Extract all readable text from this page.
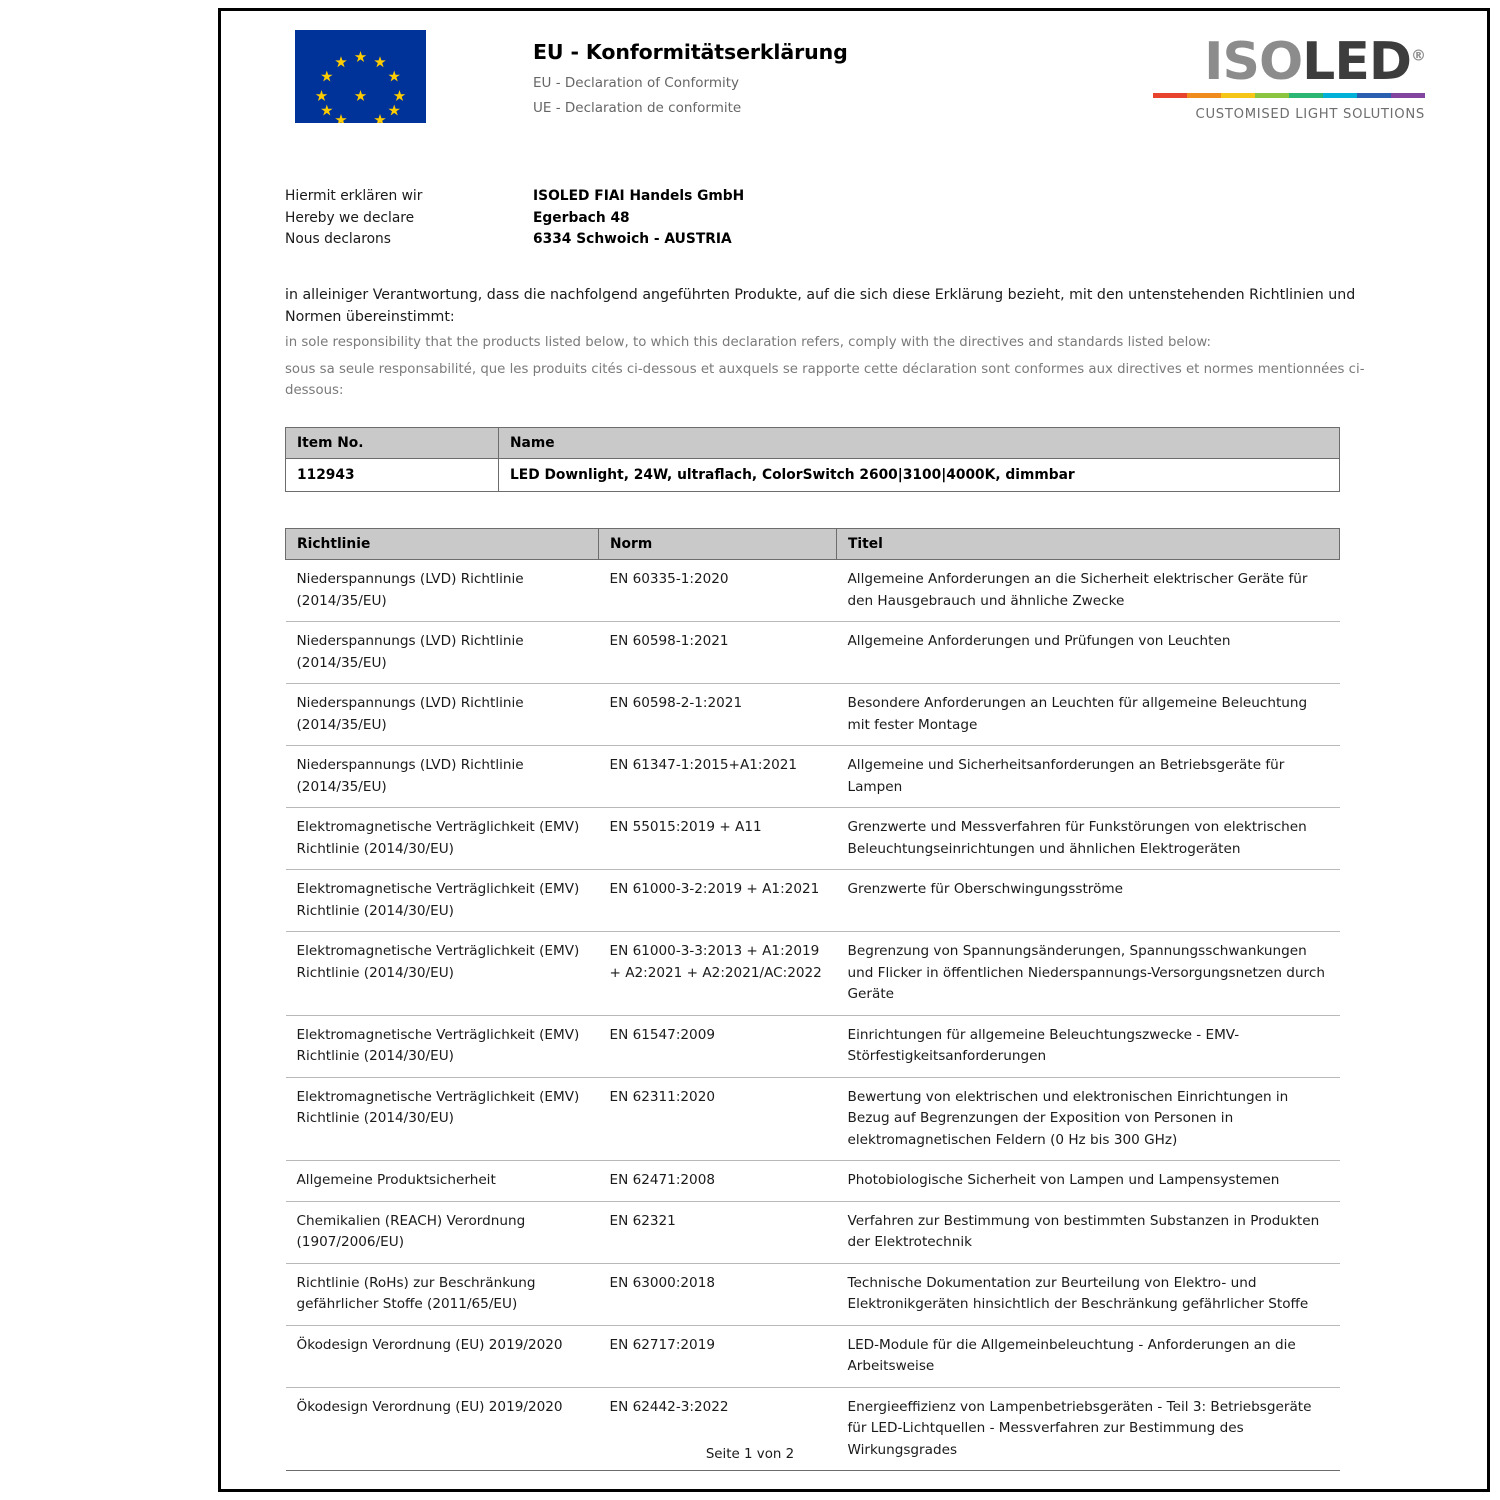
EU - Konformitätserklärung
EU - Declaration of Conformity
UE - Declaration de conformite
ISOLED®
CUSTOMISED LIGHT SOLUTIONS
Hiermit erklären wir
Hereby we declare
Nous declarons
ISOLED FIAI Handels GmbH
Egerbach 48
6334 Schwoich - AUSTRIA
in alleiniger Verantwortung, dass die nachfolgend angeführten Produkte, auf die sich diese Erklärung bezieht, mit den untenstehenden Richtlinien und Normen übereinstimmt:
in sole responsibility that the products listed below, to which this declaration refers, comply with the directives and standards listed below:
sous sa seule responsabilité, que les produits cités ci-dessous et auxquels se rapporte cette déclaration sont conformes aux directives et normes mentionnées ci-dessous:
Item No.	Name
112943	LED Downlight, 24W, ultraflach, ColorSwitch 2600|3100|4000K, dimmbar
Richtlinie	Norm	Titel
Niederspannungs (LVD) Richtlinie (2014/35/EU)	EN 60335-1:2020	Allgemeine Anforderungen an die Sicherheit elektrischer Geräte für den Hausgebrauch und ähnliche Zwecke
Niederspannungs (LVD) Richtlinie (2014/35/EU)	EN 60598-1:2021	Allgemeine Anforderungen und Prüfungen von Leuchten
Niederspannungs (LVD) Richtlinie (2014/35/EU)	EN 60598-2-1:2021	Besondere Anforderungen an Leuchten für allgemeine Beleuchtung mit fester Montage
Niederspannungs (LVD) Richtlinie (2014/35/EU)	EN 61347-1:2015+A1:2021	Allgemeine und Sicherheitsanforderungen an Betriebsgeräte für Lampen
Elektromagnetische Verträglichkeit (EMV) Richtlinie (2014/30/EU)	EN 55015:2019 + A11	Grenzwerte und Messverfahren für Funkstörungen von elektrischen Beleuchtungseinrichtungen und ähnlichen Elektrogeräten
Elektromagnetische Verträglichkeit (EMV) Richtlinie (2014/30/EU)	EN 61000-3-2:2019 + A1:2021	Grenzwerte für Oberschwingungsströme
Elektromagnetische Verträglichkeit (EMV) Richtlinie (2014/30/EU)	EN 61000-3-3:2013 + A1:2019 + A2:2021 + A2:2021/AC:2022	Begrenzung von Spannungsänderungen, Spannungsschwankungen und Flicker in öffentlichen Niederspannungs-Versorgungsnetzen durch Geräte
Elektromagnetische Verträglichkeit (EMV) Richtlinie (2014/30/EU)	EN 61547:2009	Einrichtungen für allgemeine Beleuchtungszwecke - EMV-Störfestigkeitsanforderungen
Elektromagnetische Verträglichkeit (EMV) Richtlinie (2014/30/EU)	EN 62311:2020	Bewertung von elektrischen und elektronischen Einrichtungen in Bezug auf Begrenzungen der Exposition von Personen in elektromagnetischen Feldern (0 Hz bis 300 GHz)
Allgemeine Produktsicherheit	EN 62471:2008	Photobiologische Sicherheit von Lampen und Lampensystemen
Chemikalien (REACH) Verordnung (1907/2006/EU)	EN 62321	Verfahren zur Bestimmung von bestimmten Substanzen in Produkten der Elektrotechnik
Richtlinie (RoHs) zur Beschränkung gefährlicher Stoffe (2011/65/EU)	EN 63000:2018	Technische Dokumentation zur Beurteilung von Elektro- und Elektronikgeräten hinsichtlich der Beschränkung gefährlicher Stoffe
Ökodesign Verordnung (EU) 2019/2020	EN 62717:2019	LED-Module für die Allgemeinbeleuchtung - Anforderungen an die Arbeitsweise
Ökodesign Verordnung (EU) 2019/2020	EN 62442-3:2022	Energieeffizienz von Lampenbetriebsgeräten - Teil 3: Betriebsgeräte für LED-Lichtquellen - Messverfahren zur Bestimmung des Wirkungsgrades
Seite 1 von 2
